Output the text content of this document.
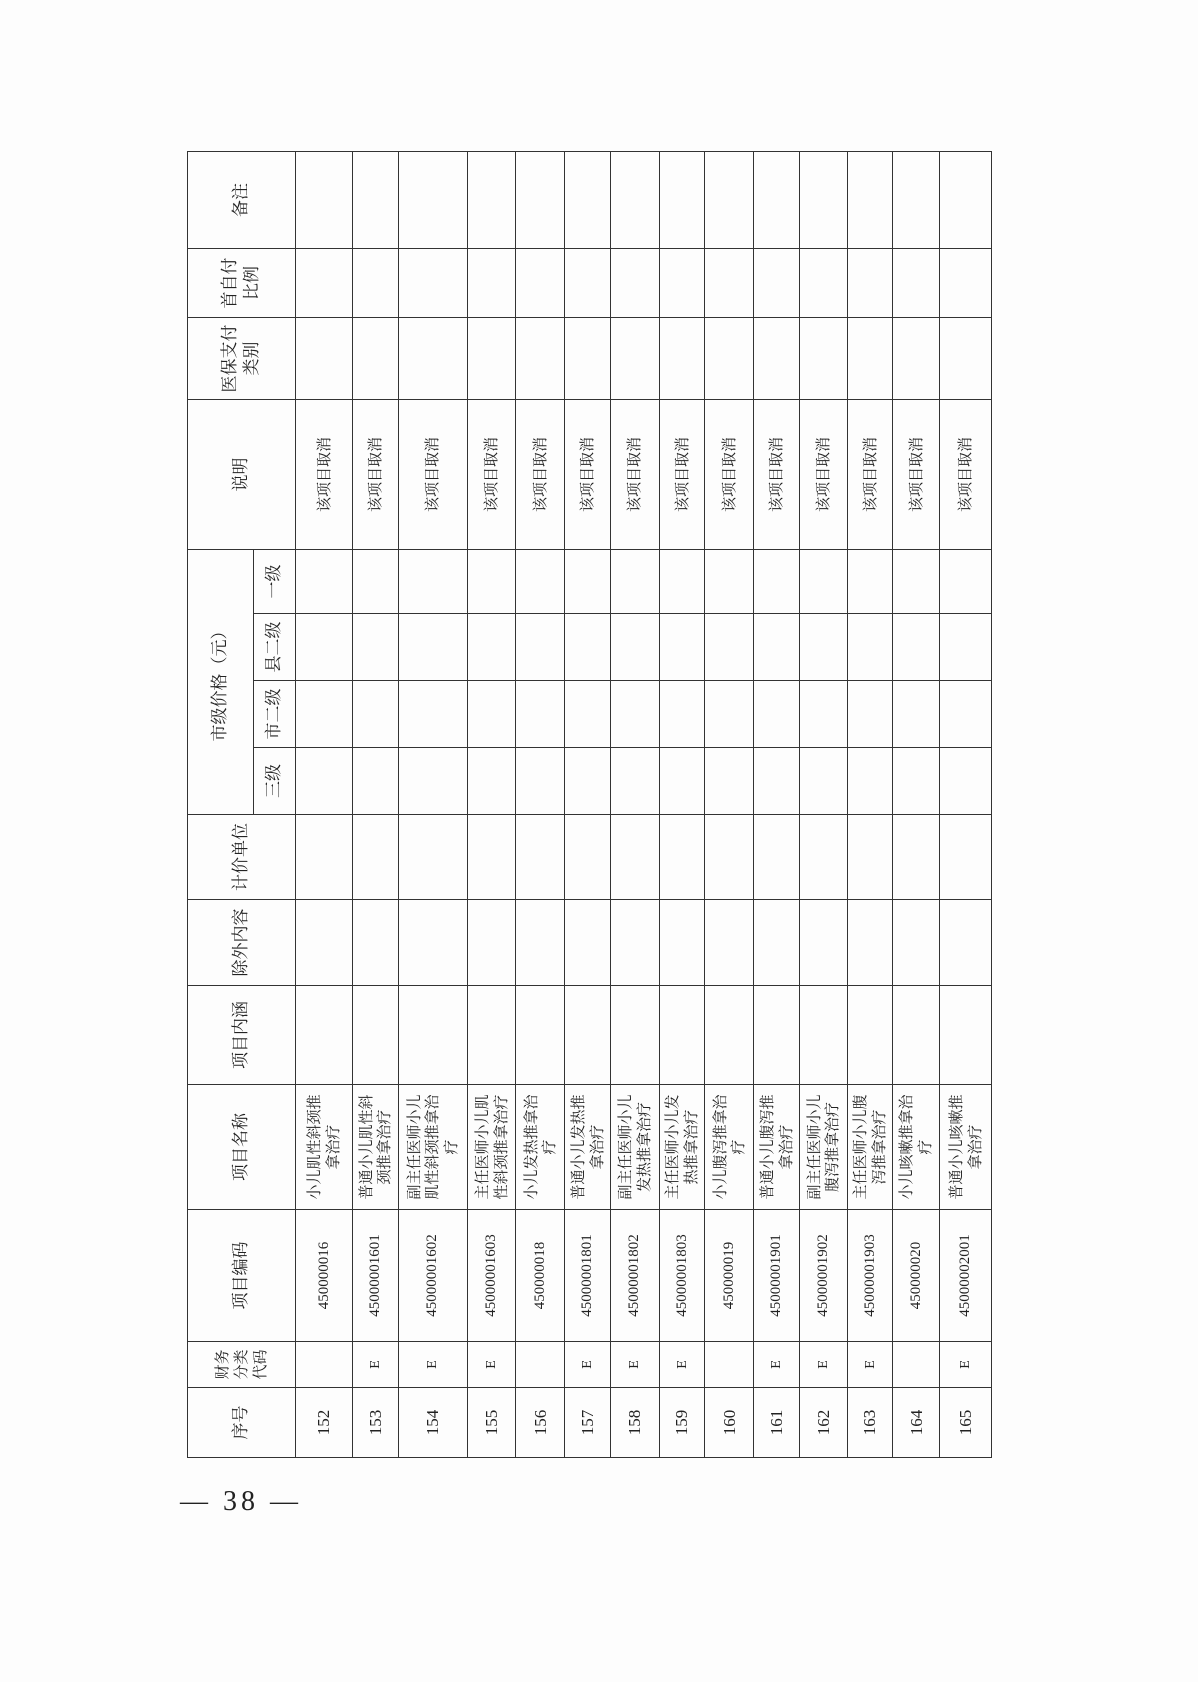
— 38 —
序号	财务分类代码	项目编码	项目名称	项目内涵	除外内容	计价单位	市级价格（元）				说明	医保支付类别	首自付比例	备注
							三级	市二级	县二级	一级				
152		450000016	小儿肌性斜颈推拿治疗								该项目取消			
153	E	45000001601	普通小儿肌性斜颈推拿治疗								该项目取消			
154	E	45000001602	副主任医师小儿肌性斜颈推拿治疗								该项目取消			
155	E	45000001603	主任医师小儿肌性斜颈推拿治疗								该项目取消			
156		450000018	小儿发热推拿治疗								该项目取消			
157	E	45000001801	普通小儿发热推拿治疗								该项目取消			
158	E	45000001802	副主任医师小儿发热推拿治疗								该项目取消			
159	E	45000001803	主任医师小儿发热推拿治疗								该项目取消			
160		450000019	小儿腹泻推拿治疗								该项目取消			
161	E	45000001901	普通小儿腹泻推拿治疗								该项目取消			
162	E	45000001902	副主任医师小儿腹泻推拿治疗								该项目取消			
163	E	45000001903	主任医师小儿腹泻推拿治疗								该项目取消			
164		450000020	小儿咳嗽推拿治疗								该项目取消			
165	E	45000002001	普通小儿咳嗽推拿治疗								该项目取消			
